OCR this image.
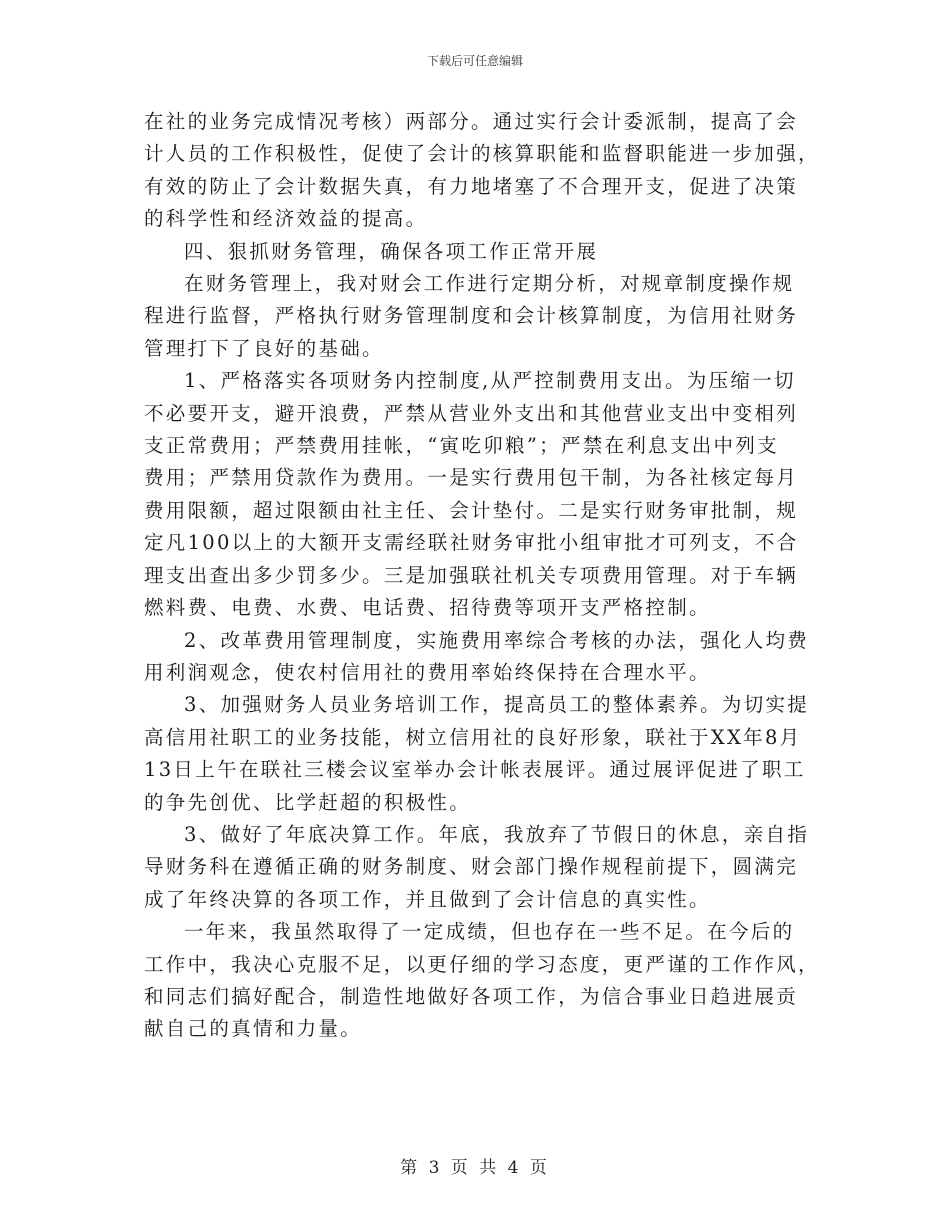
下载后可任意编辑
在社的业务完成情况考核）两部分。通过实行会计委派制，提高了会
计人员的工作积极性，促使了会计的核算职能和监督职能进一步加强，
有效的防止了会计数据失真，有力地堵塞了不合理开支，促进了决策
的科学性和经济效益的提高。
四、狠抓财务管理，确保各项工作正常开展
在财务管理上，我对财会工作进行定期分析，对规章制度操作规
程进行监督，严格执行财务管理制度和会计核算制度，为信用社财务
管理打下了良好的基础。
1、严格落实各项财务内控制度,从严控制费用支出。为压缩一切
不必要开支，避开浪费，严禁从营业外支出和其他营业支出中变相列
支正常费用；严禁费用挂帐，“寅吃卯粮”；严禁在利息支出中列支
费用；严禁用贷款作为费用。一是实行费用包干制，为各社核定每月
费用限额，超过限额由社主任、会计垫付。二是实行财务审批制，规
定凡100以上的大额开支需经联社财务审批小组审批才可列支，不合
理支出查出多少罚多少。三是加强联社机关专项费用管理。对于车辆
燃料费、电费、水费、电话费、招待费等项开支严格控制。
2、改革费用管理制度，实施费用率综合考核的办法，强化人均费
用利润观念，使农村信用社的费用率始终保持在合理水平。
3、加强财务人员业务培训工作，提高员工的整体素养。为切实提
高信用社职工的业务技能，树立信用社的良好形象，联社于XX年8月
13日上午在联社三楼会议室举办会计帐表展评。通过展评促进了职工
的争先创优、比学赶超的积极性。
3、做好了年底决算工作。年底，我放弃了节假日的休息，亲自指
导财务科在遵循正确的财务制度、财会部门操作规程前提下，圆满完
成了年终决算的各项工作，并且做到了会计信息的真实性。
一年来，我虽然取得了一定成绩，但也存在一些不足。在今后的
工作中，我决心克服不足，以更仔细的学习态度，更严谨的工作作风，
和同志们搞好配合，制造性地做好各项工作，为信合事业日趋进展贡
献自己的真情和力量。
第 3 页 共 4 页
